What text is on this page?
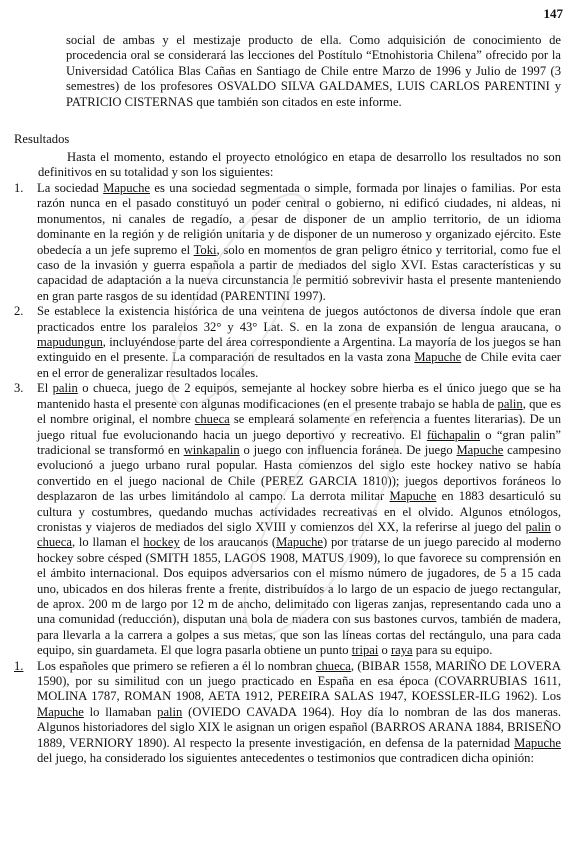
147
social de ambas y el mestizaje producto de ella. Como adquisición de conocimiento de procedencia oral se considerará las lecciones del Postítulo “Etnohistoria Chilena” ofrecido por la Universidad Católica Blas Cañas en Santiago de Chile entre Marzo de 1996 y Julio de 1997 (3 semestres) de los profesores OSVALDO SILVA GALDAMES, LUIS CARLOS PARENTINI y PATRICIO CISTERNAS que también son citados en este informe.
Resultados
Hasta el momento, estando el proyecto etnológico en etapa de desarrollo los resultados no son definitivos en su totalidad y son los siguientes:
1. La sociedad Mapuche es una sociedad segmentada o simple, formada por linajes o familias. Por esta razón nunca en el pasado constituyó un poder central o gobierno, ni edificó ciudades, ni aldeas, ni monumentos, ni canales de regadío, a pesar de disponer de un amplio territorio, de un idioma dominante en la región y de religión unitaria y de disponer de un numeroso y organizado ejército. Este obedecía a un jefe supremo el Toki, solo en momentos de gran peligro étnico y territorial, como fue el caso de la invasión y guerra española a partir de mediados del siglo XVI. Estas características y su capacidad de adaptación a la nueva circunstancia le permitió sobrevivir hasta el presente manteniendo en gran parte rasgos de su identidad (PARENTINI 1997).
2. Se establece la existencia histórica de una veintena de juegos autóctonos de diversa índole que eran practicados entre los paralelos 32° y 43° Lat. S. en la zona de expansión de lengua araucana, o mapudungun, incluyéndose parte del área correspondiente a Argentina. La mayoría de los juegos se han extinguido en el presente. La comparación de resultados en la vasta zona Mapuche de Chile evita caer en el error de generalizar resultados locales.
3. El palin o chueca, juego de 2 equipos, semejante al hockey sobre hierba es el único juego que se ha mantenido hasta el presente con algunas modificaciones (en el presente trabajo se habla de palin, que es el nombre original, el nombre chueca se empleará solamente en referencia a fuentes literarias). De un juego ritual fue evolucionando hacia un juego deportivo y recreativo. El füchapalin o “gran palin” tradicional se transformó en winkapalin o juego con influencia foránea. De juego Mapuche campesino evolucionó a juego urbano rural popular. Hasta comienzos del siglo este hockey nativo se había convertido en el juego nacional de Chile (PEREZ GARCIA 1810)); juegos deportivos foráneos lo desplazaron de las urbes limitándolo al campo. La derrota militar Mapuche en 1883 desarticuló su cultura y costumbres, quedando muchas actividades recreativas en el olvido. Algunos etnólogos, cronistas y viajeros de mediados del siglo XVIII y comienzos del XX, la referirse al juego del palin o chueca, lo llaman el hockey de los araucanos (Mapuche) por tratarse de un juego parecido al moderno hockey sobre césped (SMITH 1855, LAGOS 1908, MATUS 1909), lo que favorece su comprensión en el ámbito internacional. Dos equipos adversarios con el mismo número de jugadores, de 5 a 15 cada uno, ubicados en dos hileras frente a frente, distribuídos a lo largo de un espacio de juego rectangular, de aprox. 200 m de largo por 12 m de ancho, delimitado con ligeras zanjas, representando cada uno a una comunidad (reducción), disputan una bola de madera con sus bastones curvos, también de madera, para llevarla a la carrera a golpes a sus metas, que son las líneas cortas del rectángulo, una para cada equipo, sin guardameta. El que logra pasarla obtiene un punto tripai o raya para su equipo.
1. Los españoles que primero se refieren a él lo nombran chueca, (BIBAR 1558, MARIÑO DE LOVERA 1590), por su similitud con un juego practicado en España en esa época (COVARRUBIAS 1611, MOLINA 1787, ROMAN 1908, AETA 1912, PEREIRA SALAS 1947, KOESSLER-ILG 1962). Los Mapuche lo llamaban palin (OVIEDO CAVADA 1964). Hoy día lo nombran de las dos maneras. Algunos historiadores del siglo XIX le asignan un origen español (BARROS ARANA 1884, BRISEÑO 1889, VERNIORY 1890). Al respecto la presente investigación, en defensa de la paternidad Mapuche del juego, ha considerado los siguientes antecedentes o testimonios que contradicen dicha opinión:
